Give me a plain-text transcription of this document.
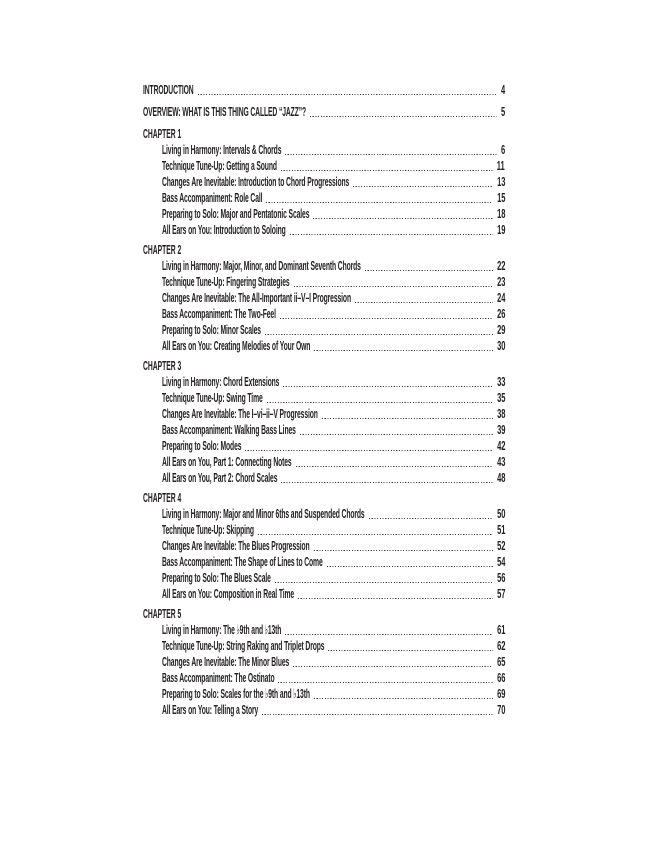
INTRODUCTION	4
OVERVIEW: WHAT IS THIS THING CALLED “JAZZ”?	5
CHAPTER 1
Living in Harmony: Intervals & Chords	6
Technique Tune-Up: Getting a Sound	11
Changes Are Inevitable: Introduction to Chord Progressions	13
Bass Accompaniment: Role Call	15
Preparing to Solo: Major and Pentatonic Scales	18
All Ears on You: Introduction to Soloing	19
CHAPTER 2
Living in Harmony: Major, Minor, and Dominant Seventh Chords	22
Technique Tune-Up: Fingering Strategies	23
Changes Are Inevitable: The All-Important ii–V–I Progression	24
Bass Accompaniment: The Two-Feel	26
Preparing to Solo: Minor Scales	29
All Ears on You: Creating Melodies of Your Own	30
CHAPTER 3
Living in Harmony: Chord Extensions	33
Technique Tune-Up: Swing Time	35
Changes Are Inevitable: The I–vi–ii–V Progression	38
Bass Accompaniment: Walking Bass Lines	39
Preparing to Solo: Modes	42
All Ears on You, Part 1: Connecting Notes	43
All Ears on You, Part 2: Chord Scales	48
CHAPTER 4
Living in Harmony: Major and Minor 6ths and Suspended Chords	50
Technique Tune-Up: Skipping	51
Changes Are Inevitable: The Blues Progression	52
Bass Accompaniment: The Shape of Lines to Come	54
Preparing to Solo: The Blues Scale	56
All Ears on You: Composition in Real Time	57
CHAPTER 5
Living in Harmony: The ♭9th and ♭13th	61
Technique Tune-Up: String Raking and Triplet Drops	62
Changes Are Inevitable: The Minor Blues	65
Bass Accompaniment: The Ostinato	66
Preparing to Solo: Scales for the ♭9th and ♭13th	69
All Ears on You: Telling a Story	70
